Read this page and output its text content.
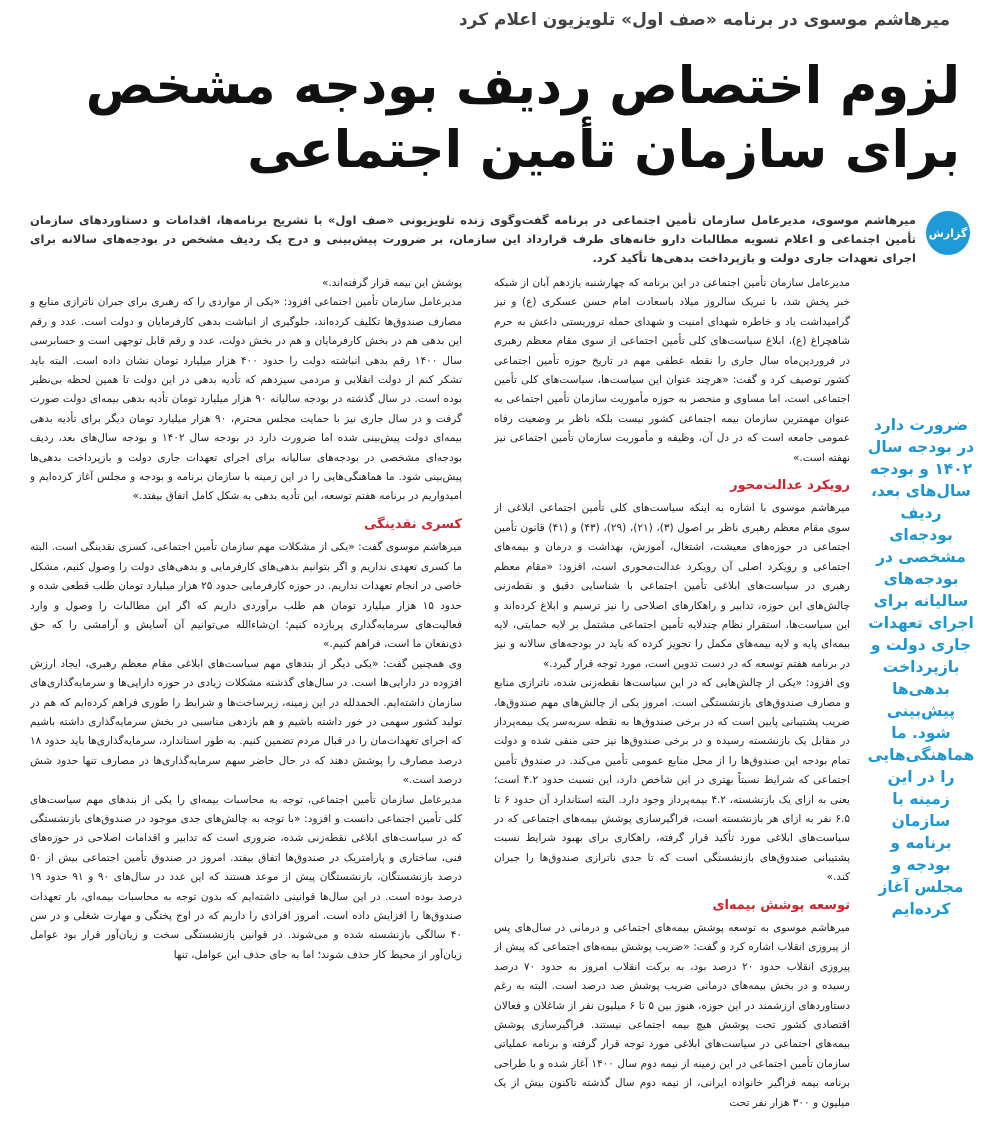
میرهاشم موسوی در برنامه «صف اول» تلویزیون اعلام کرد
لزوم اختصاص ردیف بودجه مشخص برای سازمان تأمین اجتماعی
گزارش
میرهاشم موسوی، مدیرعامل سازمان تأمین اجتماعی در برنامه گفت‌وگوی زنده تلویزیونی «صف اول» با تشریح برنامه‌ها، اقدامات و دستاوردهای سازمان تأمین اجتماعی و اعلام تسویه مطالبات دارو خانه‌های طرف قرارداد این سازمان، بر ضرورت پیش‌بینی و درج یک ردیف مشخص در بودجه‌های سالانه برای اجرای تعهدات جاری دولت و بازپرداخت بدهی‌ها تأکید کرد.
ضرورت دارد در بودجه سال ۱۴۰۲ و بودجه سال‌های بعد، ردیف بودجه‌ای مشخصی در بودجه‌های سالیانه برای اجرای تعهدات جاری دولت و بازپرداخت بدهی‌ها پیش‌بینی شود. ما هماهنگی‌هایی را در این زمینه با سازمان برنامه و بودجه و مجلس آغاز کرده‌ایم

مدیرعامل سازمان تأمین اجتماعی در این برنامه که چهارشنبه یازدهم آبان از شبکه خبر پخش شد، با تبریک سالروز میلاد باسعادت امام حسن عسکری (ع) و نیز گرامیداشت یاد و خاطره شهدای امنیت و شهدای حمله تروریستی داعش به حرم شاهچراغ (ع)، ابلاغ سیاست‌های کلی تأمین اجتماعی از سوی مقام معظم رهبری در فروردین‌ماه سال جاری را نقطه عطفی مهم در تاریخ حوزه تأمین اجتماعی کشور توصیف کرد و گفت: «هرچند عنوان این سیاست‌ها، سیاست‌های کلی تأمین اجتماعی است، اما مساوی و منحصر به حوزه مأموریت سازمان تأمین اجتماعی به عنوان مهمترین سازمان بیمه اجتماعی کشور نیست بلکه ناظر بر وضعیت رفاه عمومی جامعه است که در دل آن، وظیفه و مأموریت سازمان تأمین اجتماعی نیز نهفته است.»

رویکرد عدالت‌محور

میرهاشم موسوی با اشاره به اینکه سیاست‌های کلی تأمین اجتماعی ابلاغی از سوی مقام معظم رهبری ناظر بر اصول (۳)، (۲۱)، (۲۹)، (۴۳) و (۴۱) قانون تأمین اجتماعی در حوزه‌های معیشت، اشتغال، آموزش، بهداشت و درمان و بیمه‌های اجتماعی و رویکرد اصلی آن رویکرد عدالت‌محوری است، افزود: «مقام معظم رهبری در سیاست‌های ابلاغی تأمین اجتماعی با شناسایی دقیق و نقطه‌زنی چالش‌های این حوزه، تدابیر و راهکارهای اصلاحی را نیز ترسیم و ابلاغ کرده‌اند و این سیاست‌ها، استقرار نظام چندلایه تأمین اجتماعی مشتمل بر لایه حمایتی، لایه بیمه‌ای پایه و لایه بیمه‌های مکمل را تجویز کرده که باید در بودجه‌های سالانه و نیز در برنامه هفتم توسعه که در دست تدوین است، مورد توجه قرار گیرد.»

وی افزود: «یکی از چالش‌هایی که در این سیاست‌ها نقطه‌زنی شده، ناترازی منابع و مصارف صندوق‌های بازنشستگی است. امروز یکی از چالش‌های مهم صندوق‌ها، ضریب پشتیبانی پایین است که در برخی صندوق‌ها به نقطه سربه‌سر یک بیمه‌پرداز در مقابل یک بازنشسته رسیده و در برخی صندوق‌ها نیز حتی منفی شده و دولت تمام بودجه این صندوق‌ها را از محل منابع عمومی تأمین می‌کند. در صندوق تأمین اجتماعی که شرایط نسبتاً بهتری در این شاخص دارد، این نسبت حدود ۴.۲ است؛ یعنی به ازای یک بازنشسته، ۴.۲ بیمه‌پرداز وجود دارد. البته استاندارد آن حدود ۶ تا ۶.۵ نفر به ازای هر بازنشسته است، فراگیرسازی پوشش بیمه‌های اجتماعی که در سیاست‌های ابلاغی مورد تأکید قرار گرفته، راهکاری برای بهبود شرایط نسبت پشتیبانی صندوق‌های بازنشستگی است که تا حدی ناترازی صندوق‌ها را جبران کند.»

توسعه پوشش بیمه‌ای

میرهاشم موسوی به توسعه پوشش بیمه‌های اجتماعی و درمانی در سال‌های پس از پیروزی انقلاب اشاره کرد و گفت: «ضریب پوشش بیمه‌های اجتماعی که پیش از پیروزی انقلاب حدود ۲۰ درصد بود، به برکت انقلاب امروز به حدود ۷۰ درصد رسیده و در بخش بیمه‌های درمانی ضریب پوشش صد درصد است. البته به رغم دستاوردهای ارزشمند در این حوزه، هنوز بین ۵ تا ۶ میلیون نفر از شاغلان و فعالان اقتصادی کشور تحت پوشش هیچ بیمه اجتماعی نیستند. فراگیرسازی پوشش بیمه‌های اجتماعی در سیاست‌های ابلاغی مورد توجه قرار گرفته و برنامه عملیاتی سازمان تأمین اجتماعی در این زمینه از نیمه دوم سال ۱۴۰۰ آغاز شده و با طراحی برنامه بیمه فراگیر خانواده ایرانی، از نیمه دوم سال گذشته تاکنون بیش از یک میلیون و ۳۰۰ هزار نفر تحت

پوشش این بیمه قرار گرفته‌اند.»

مدیرعامل سازمان تأمین اجتماعی افزود: «یکی از مواردی را که رهبری برای جبران ناترازی منابع و مصارف صندوق‌ها تکلیف کرده‌اند، جلوگیری از انباشت بدهی کارفرمایان و دولت است. عدد و رقم این بدهی هم در بخش کارفرمایان و هم در بخش دولت، عدد و رقم قابل توجهی است و حسابرسی سال ۱۴۰۰ رقم بدهی انباشته دولت را حدود ۴۰۰ هزار میلیارد تومان نشان داده است. البته باید تشکر کنم از دولت انقلابی و مردمی سیزدهم که تأدیه بدهی در این دولت تا همین لحظه بی‌نظیر بوده است. در سال گذشته در بودجه سالیانه ۹۰ هزار میلیارد تومان تأدیه بدهی بیمه‌ای دولت صورت گرفت و در سال جاری نیز با حمایت مجلس محترم، ۹۰ هزار میلیارد تومان دیگر برای تأدیه بدهی بیمه‌ای دولت پیش‌بینی شده اما ضرورت دارد در بودجه سال ۱۴۰۲ و بودجه سال‌های بعد، ردیف بودجه‌ای مشخصی در بودجه‌های سالیانه برای اجرای تعهدات جاری دولت و بازپرداخت بدهی‌ها پیش‌بینی شود. ما هماهنگی‌هایی را در این زمینه با سازمان برنامه و بودجه و مجلس آغاز کرده‌ایم و امیدواریم در برنامه هفتم توسعه، این تأدیه بدهی به شکل کامل اتفاق بیفتد.»

کسری نقدینگی

میرهاشم موسوی گفت: «یکی از مشکلات مهم سازمان تأمین اجتماعی، کسری نقدینگی است. البته ما کسری تعهدی نداریم و اگر بتوانیم بدهی‌های کارفرمایی و بدهی‌های دولت را وصول کنیم، مشکل خاصی در انجام تعهدات نداریم. در حوزه کارفرمایی حدود ۲۵ هزار میلیارد تومان طلب قطعی شده و حدود ۱۵ هزار میلیارد تومان هم طلب برآوردی داریم که اگر این مطالبات را وصول و وارد فعالیت‌های سرمایه‌گذاری پربازده کنیم؛ ان‌شاءالله می‌توانیم آن آسایش و آرامشی را که حق ذی‌نفعان ما است، فراهم کنیم.»

وی همچنین گفت: «یکی دیگر از بندهای مهم سیاست‌های ابلاغی مقام معظم رهبری، ایجاد ارزش افزوده در دارایی‌ها است. در سال‌های گذشته مشکلات زیادی در حوزه دارایی‌ها و سرمایه‌گذاری‌های سازمان داشته‌ایم. الحمدلله در این زمینه، زیرساخت‌ها و شرایط را طوری فراهم کرده‌ایم که هم در تولید کشور سهمی در خور داشته باشیم و هم بازدهی مناسبی در بخش سرمایه‌گذاری داشته باشیم که اجرای تعهدات‌مان را در قبال مردم تضمین کنیم. به طور استاندارد، سرمایه‌گذاری‌ها باید حدود ۱۸ درصد مصارف را پوشش دهند که در حال حاضر سهم سرمایه‌گذاری‌ها در مصارف تنها حدود شش درصد است.»

مدیرعامل سازمان تأمین اجتماعی، توجه به محاسبات بیمه‌ای را یکی از بندهای مهم سیاست‌های کلی تأمین اجتماعی دانست و افزود: «با توجه به چالش‌های جدی موجود در صندوق‌های بازنشستگی که در سیاست‌های ابلاغی نقطه‌زنی شده، ضروری است که تدابیر و اقدامات اصلاحی در حوزه‌های فنی، ساختاری و پارامتریک در صندوق‌ها اتفاق بیفتد. امروز در صندوق تأمین اجتماعی بیش از ۵۰ درصد بازنشستگان، بازنشستگان پیش از موعد هستند که این عدد در سال‌های ۹۰ و ۹۱ حدود ۱۹ درصد بوده است. در این سال‌ها قوانینی داشته‌ایم که بدون توجه به محاسبات بیمه‌ای، بار تعهدات صندوق‌ها را افزایش داده است. امروز افرادی را داریم که در اوج پختگی و مهارت شغلی و در سن ۴۰ سالگی بازنشسته شده و می‌شوند. در قوانین بازنشستگی سخت و زیان‌آور قرار بود عوامل زیان‌آور از محیط کار حذف شوند؛ اما به جای حذف این عوامل، تنها
